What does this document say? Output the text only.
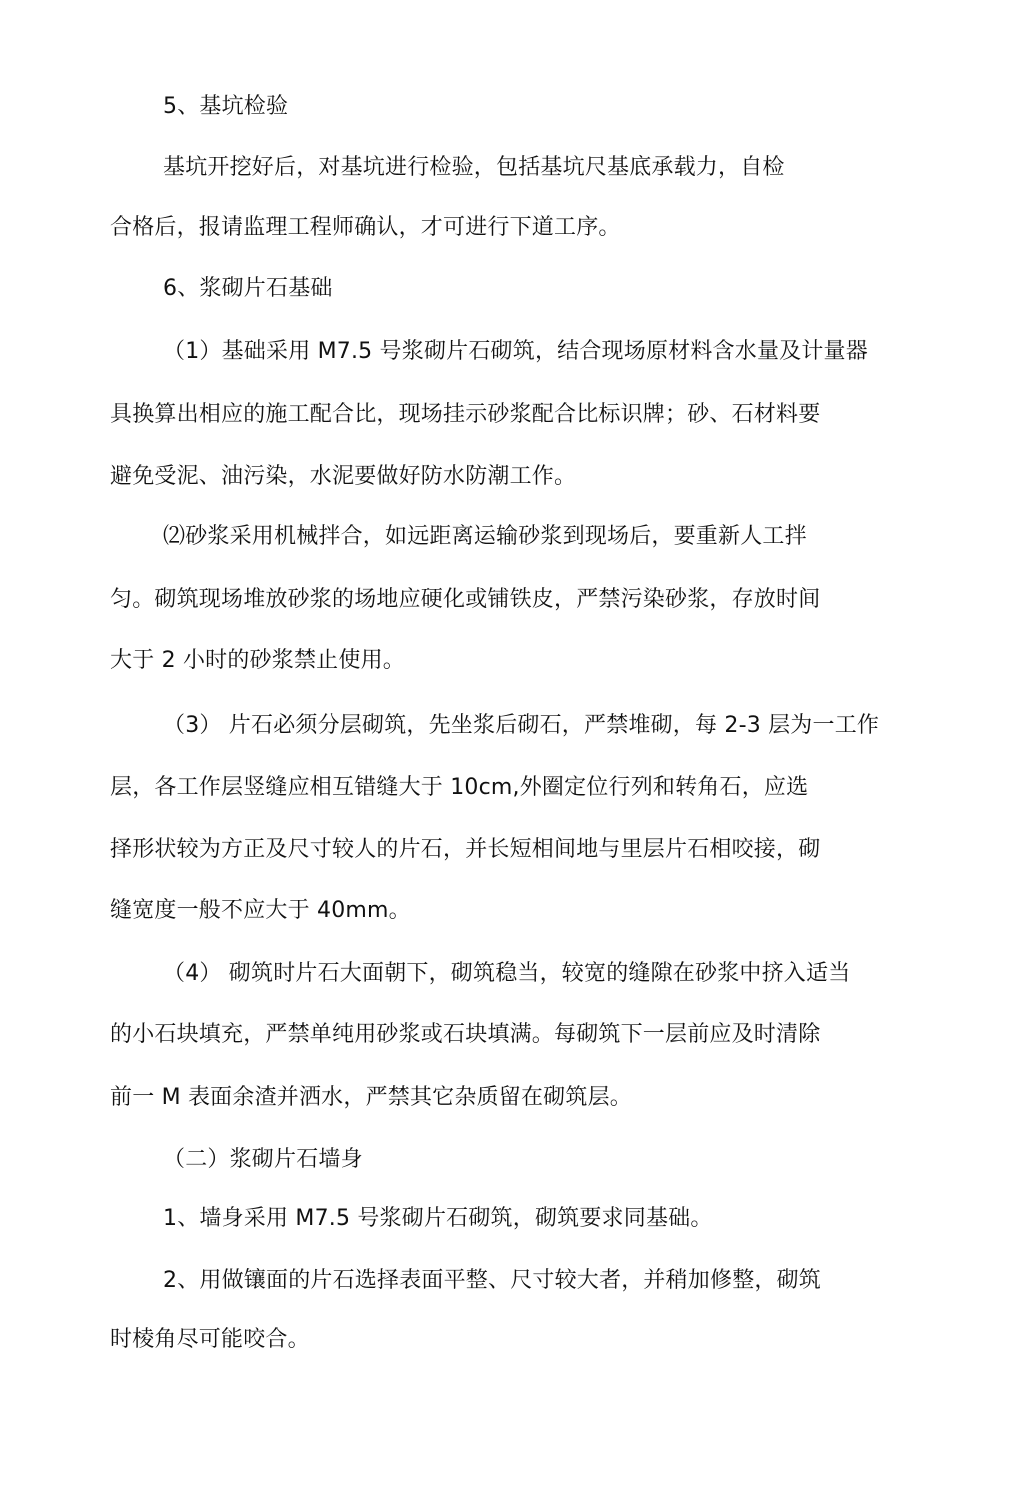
5、基坑检验
基坑开挖好后，对基坑进行检验，包括基坑尺基底承载力，自检
合格后，报请监理工程师确认，才可进行下道工序。
6、浆砌片石基础
（1）基础采用 M7.5 号浆砌片石砌筑，结合现场原材料含水量及计量器
具换算出相应的施工配合比，现场挂示砂浆配合比标识牌；砂、石材料要
避免受泥、油污染，水泥要做好防水防潮工作。
⑵砂浆采用机械拌合，如远距离运输砂浆到现场后，要重新人工拌
匀。砌筑现场堆放砂浆的场地应硬化或铺铁皮，严禁污染砂浆，存放时间
大于 2 小时的砂浆禁止使用。
（3） 片石必须分层砌筑，先坐浆后砌石，严禁堆砌，每 2-3 层为一工作
层，各工作层竖缝应相互错缝大于 10cm,外圈定位行列和转角石，应选
择形状较为方正及尺寸较人的片石，并长短相间地与里层片石相咬接，砌
缝宽度一般不应大于 40mm。
（4） 砌筑时片石大面朝下，砌筑稳当，较宽的缝隙在砂浆中挤入适当
的小石块填充，严禁单纯用砂浆或石块填满。每砌筑下一层前应及时清除
前一 M 表面余渣并洒水，严禁其它杂质留在砌筑层。
（二）浆砌片石墙身
1、墙身采用 M7.5 号浆砌片石砌筑，砌筑要求同基础。
2、用做镶面的片石选择表面平整、尺寸较大者，并稍加修整，砌筑
时棱角尽可能咬合。
